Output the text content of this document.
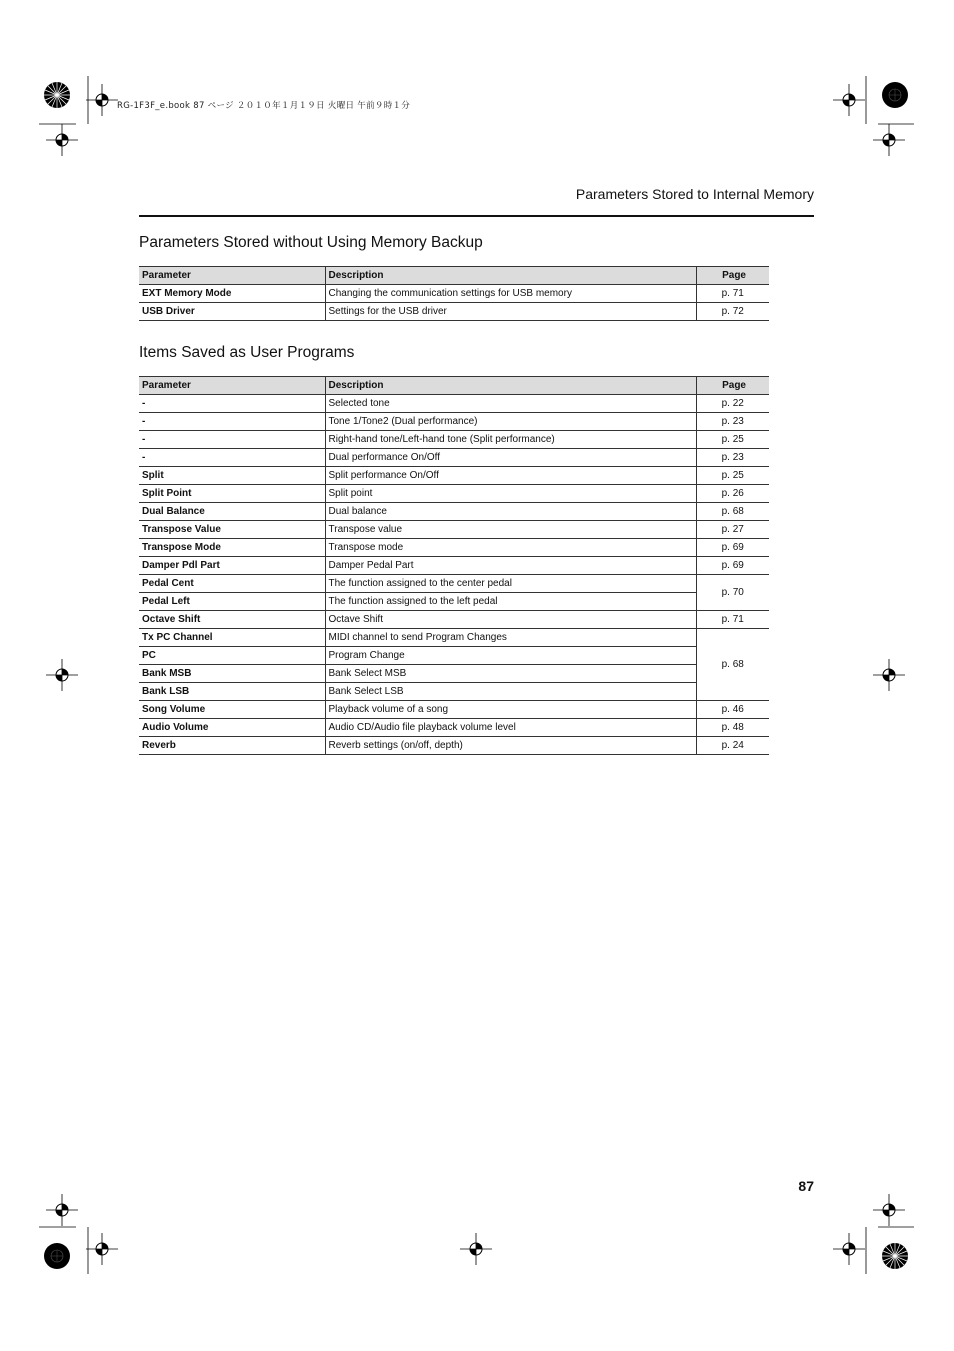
RG-1F3F_e.book 87 ページ ２０１０年１月１９日 火曜日 午前９時１分
Parameters Stored to Internal Memory
Parameters Stored without Using Memory Backup
Parameter	Description	Page
EXT Memory Mode	Changing the communication settings for USB memory	p. 71
USB Driver	Settings for the USB driver	p. 72
Items Saved as User Programs
Parameter	Description	Page
-	Selected tone	p. 22
-	Tone 1/Tone2 (Dual performance)	p. 23
-	Right-hand tone/Left-hand tone (Split performance)	p. 25
-	Dual performance On/Off	p. 23
Split	Split performance On/Off	p. 25
Split Point	Split point	p. 26
Dual Balance	Dual balance	p. 68
Transpose Value	Transpose value	p. 27
Transpose Mode	Transpose mode	p. 69
Damper Pdl Part	Damper Pedal Part	p. 69
Pedal Cent	The function assigned to the center pedal	p. 70
Pedal Left	The function assigned to the left pedal	
Octave Shift	Octave Shift	p. 71
Tx PC Channel	MIDI channel to send Program Changes	p. 68
PC	Program Change	
Bank MSB	Bank Select MSB	
Bank LSB	Bank Select LSB	
Song Volume	Playback volume of a song	p. 46
Audio Volume	Audio CD/Audio file playback volume level	p. 48
Reverb	Reverb settings (on/off, depth)	p. 24
87
